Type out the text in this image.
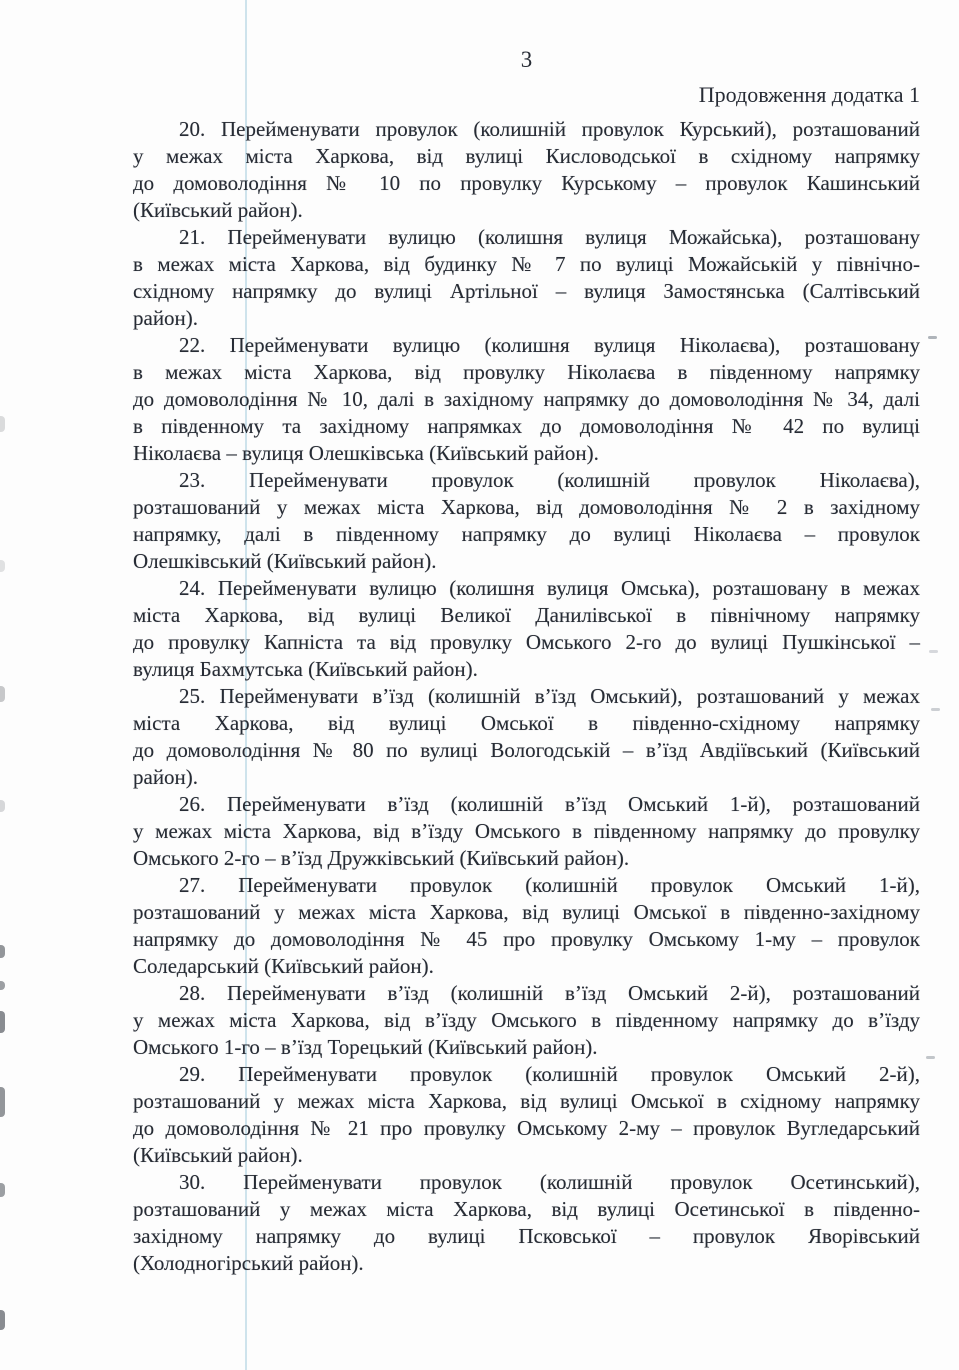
3
Продовження додатка 1
20. Перейменувати провулок (колишній провулок Курський), розташований
у межах міста Харкова, від вулиці Кисловодської в східному напрямку
до домоволодіння № 10 по провулку Курському – провулок Кашинський
(Київський район).
21. Перейменувати вулицю (колишня вулиця Можайська), розташовану
в межах міста Харкова, від будинку № 7 по вулиці Можайській у північно-
східному напрямку до вулиці Артільної – вулиця Замостянська (Салтівський
район).
22. Перейменувати вулицю (колишня вулиця Ніколаєва), розташовану
в межах міста Харкова, від провулку Ніколаєва в південному напрямку
до домоволодіння № 10, далі в західному напрямку до домоволодіння № 34, далі
в південному та західному напрямках до домоволодіння № 42 по вулиці
Ніколаєва – вулиця Олешківська (Київський район).
23. Перейменувати провулок (колишній провулок Ніколаєва),
розташований у межах міста Харкова, від домоволодіння № 2 в західному
напрямку, далі в південному напрямку до вулиці Ніколаєва – провулок
Олешківський (Київський район).
24. Перейменувати вулицю (колишня вулиця Омська), розташовану в межах
міста Харкова, від вулиці Великої Данилівської в північному напрямку
до провулку Капніста та від провулку Омського 2-го до вулиці Пушкінської –
вулиця Бахмутська (Київський район).
25. Перейменувати в’їзд (колишній в’їзд Омський), розташований у межах
міста Харкова, від вулиці Омської в південно-східному напрямку
до домоволодіння № 80 по вулиці Вологодській – в’їзд Авдіївський (Київський
район).
26. Перейменувати в’їзд (колишній в’їзд Омський 1-й), розташований
у межах міста Харкова, від в’їзду Омського в південному напрямку до провулку
Омського 2-го – в’їзд Дружківський (Київський район).
27. Перейменувати провулок (колишній провулок Омський 1-й),
розташований у межах міста Харкова, від вулиці Омської в південно-західному
напрямку до домоволодіння № 45 про провулку Омському 1-му – провулок
Соледарський (Київський район).
28. Перейменувати в’їзд (колишній в’їзд Омський 2-й), розташований
у межах міста Харкова, від в’їзду Омського в південному напрямку до в’їзду
Омського 1-го – в’їзд Торецький (Київський район).
29. Перейменувати провулок (колишній провулок Омський 2-й),
розташований у межах міста Харкова, від вулиці Омської в східному напрямку
до домоволодіння № 21 про провулку Омському 2-му – провулок Вугледарський
(Київський район).
30. Перейменувати провулок (колишній провулок Осетинський),
розташований у межах міста Харкова, від вулиці Осетинської в південно-
західному напрямку до вулиці Псковської – провулок Яворівський
(Холодногірський район).
